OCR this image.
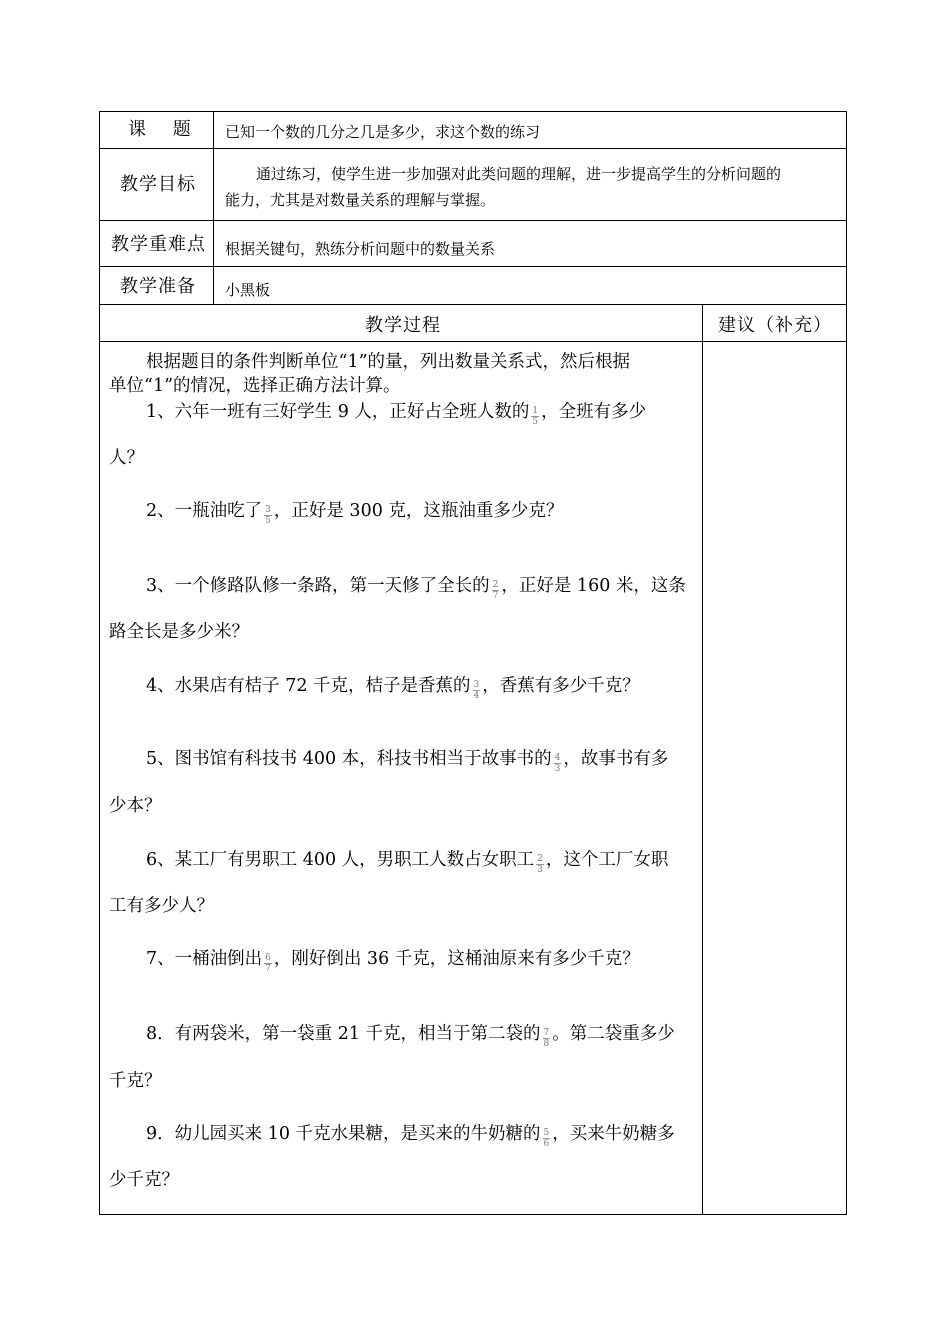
课　 题 已知一个数的几分之几是多少，求这个数的练习
教学目标	通过练习，使学生进一步加强对此类问题的理解，进一步提高学生的分析问题的
能力，尤其是对数量关系的理解与掌握。
教学重难点 根据关键句，熟练分析问题中的数量关系
教学准备 小黑板
教学过程	建议（补充）
根据题目的条件判断单位“1”的量，列出数量关系式，然后根据
单位“1”的情况，选择正确方法计算。
1、六年一班有三好学生 9 人，正好占全班人数的 $\frac{1}{5}$ ，全班有多少
人？
2、一瓶油吃了 $\frac{3}{5}$ ，正好是 300 克，这瓶油重多少克？
3、一个修路队修一条路，第一天修了全长的 $\frac{2}{7}$ ，正好是 160 米，这条
路全长是多少米？
4、水果店有桔子 72 千克，桔子是香蕉的 $\frac{3}{4}$ ，香蕉有多少千克？
5、图书馆有科技书 400 本，科技书相当于故事书的 $\frac{4}{3}$ ，故事书有多
少本？
6、某工厂有男职工 400 人，男职工人数占女职工 $\frac{2}{3}$ ，这个工厂女职
工有多少人？
7、一桶油倒出 $\frac{6}{7}$ ，刚好倒出 36 千克，这桶油原来有多少千克？
8．有两袋米，第一袋重 21 千克，相当于第二袋的 $\frac{7}{8}$ 。第二袋重多少
千克？
9．幼儿园买来 10 千克水果糖，是买来的牛奶糖的 $\frac{5}{6}$ ，买来牛奶糖多
少千克？
